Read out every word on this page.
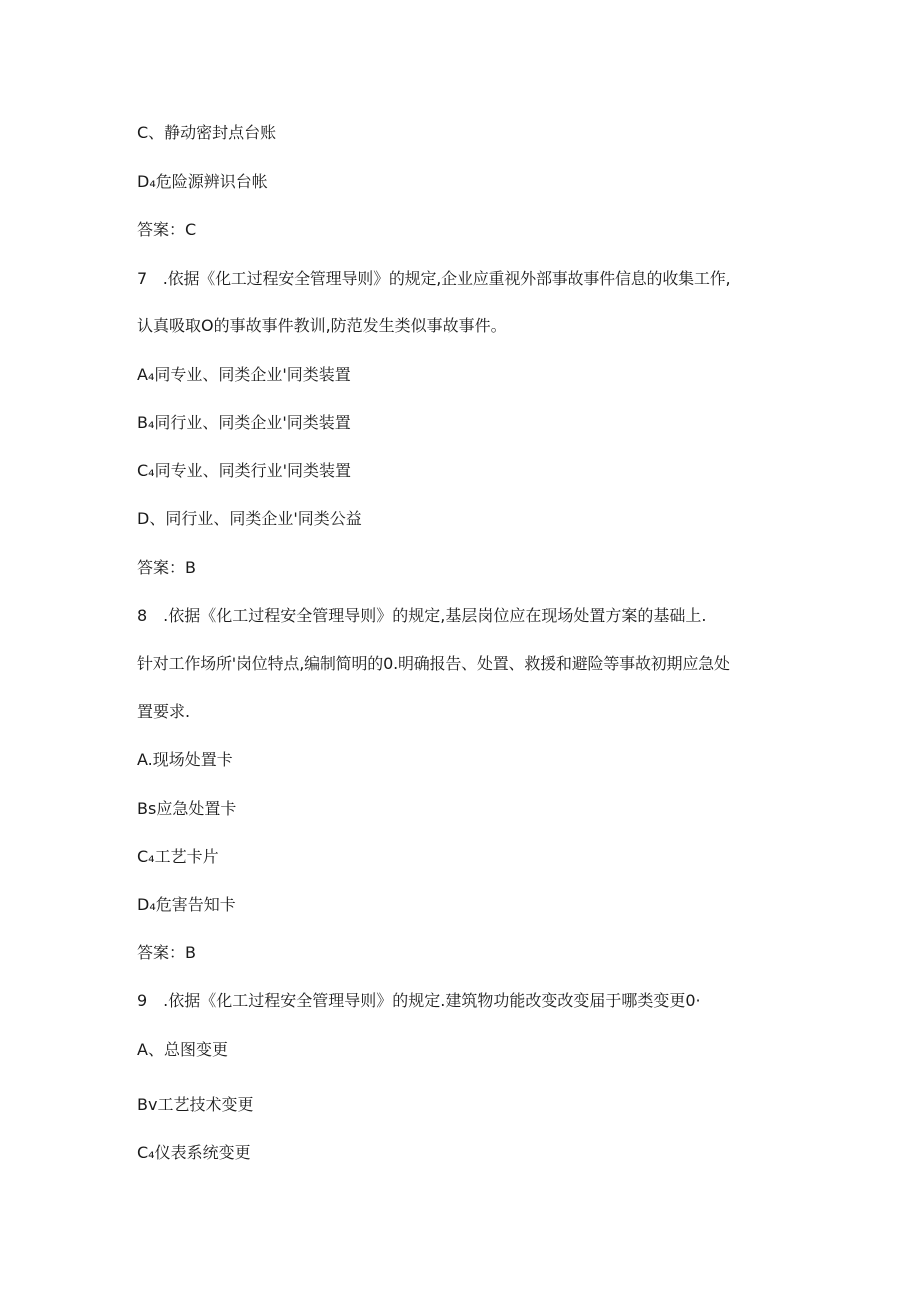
C、静动密封点台账
D₄危险源辨识台帐
答案：C
7　.依据《化工过程安全管理导则》的规定,企业应重视外部事故事件信息的收集工作,
认真吸取O的事故事件教训,防范发生类似事故事件。
A₄同专业、同类企业'同类装置
B₄同行业、同类企业'同类装置
C₄同专业、同类行业'同类装置
D、同行业、同类企业'同类公益
答案：B
8　.依据《化工过程安全管理导则》的规定,基层岗位应在现场处置方案的基础上.
针对工作场所'岗位特点,编制简明的0.明确报告、处置、救援和避险等事故初期应急处
置要求.
A.现场处置卡
Bs应急处置卡
C₄工艺卡片
D₄危害告知卡
答案：B
9　.依据《化工过程安全管理导则》的规定.建筑物功能改变改变届于哪类变更0·
A、总图变更
Bv工艺技术变更
C₄仪表系统变更
